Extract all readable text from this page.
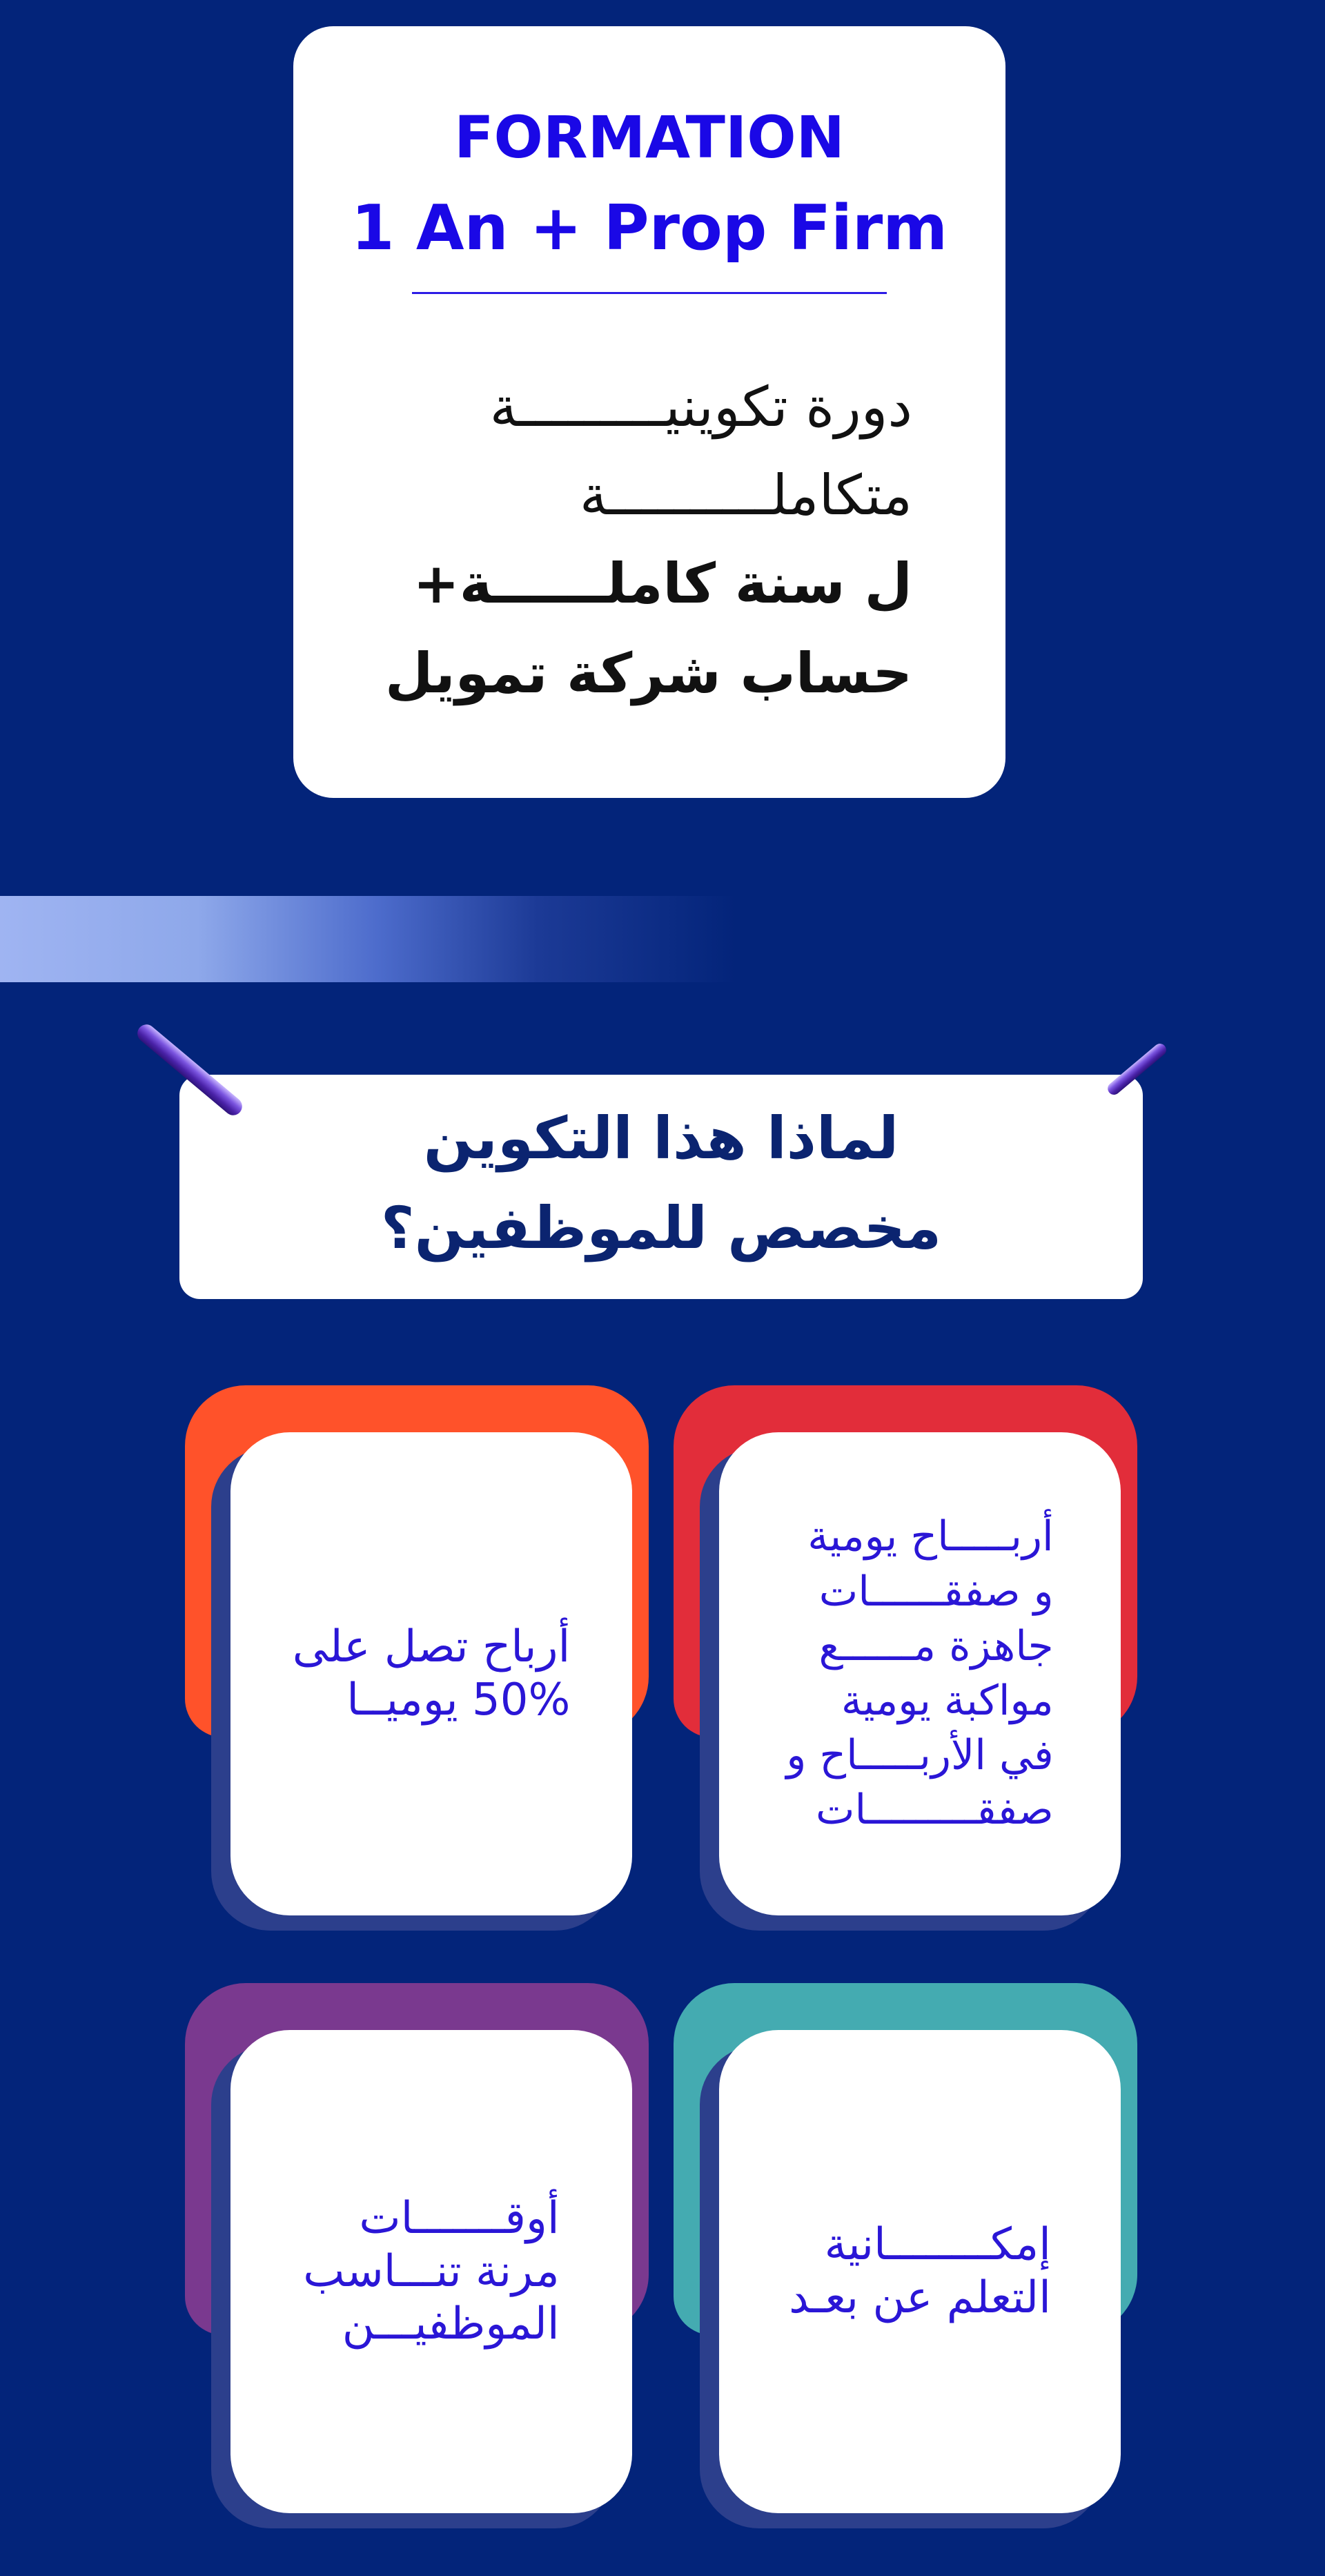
FORMATION
1 An + Prop Firm
دورة تكوينيـــــــــة
متكاملــــــــــة
ل سنة كاملــــــة+
حساب شركة تمويل
لماذا هذا التكوين
مخصص للموظفين؟
أرباح تصل على
50% يوميــا
أربـــــاح يومية
و صفقــــــات
جاهزة مــــــع
مواكبة يومية
في الأربـــــاح و
صفقـــــــــات
أوقـــــــات
مرنة تنـــاسب
الموظفيـــن
إمكــــــــانية
التعلم عن بعـد
